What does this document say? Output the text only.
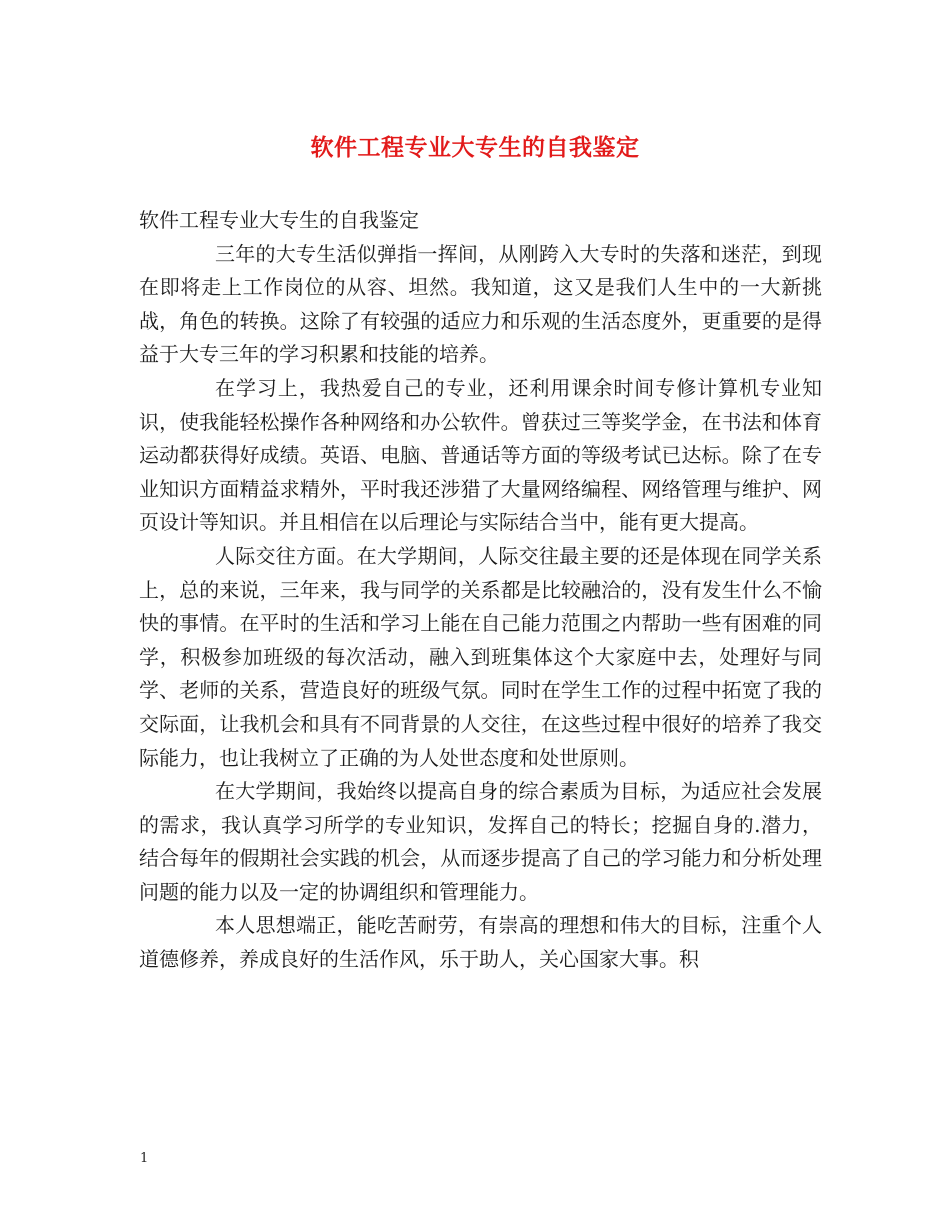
软件工程专业大专生的自我鉴定

软件工程专业大专生的自我鉴定

三年的大专生活似弹指一挥间，从刚跨入大专时的失落和迷茫，到现在即将走上工作岗位的从容、坦然。我知道，这又是我们人生中的一大新挑战，角色的转换。这除了有较强的适应力和乐观的生活态度外，更重要的是得益于大专三年的学习积累和技能的培养。

在学习上，我热爱自己的专业，还利用课余时间专修计算机专业知识，使我能轻松操作各种网络和办公软件。曾获过三等奖学金，在书法和体育运动都获得好成绩。英语、电脑、普通话等方面的等级考试已达标。除了在专业知识方面精益求精外，平时我还涉猎了大量网络编程、网络管理与维护、网页设计等知识。并且相信在以后理论与实际结合当中，能有更大提高。

人际交往方面。在大学期间，人际交往最主要的还是体现在同学关系上，总的来说，三年来，我与同学的关系都是比较融洽的，没有发生什么不愉快的事情。在平时的生活和学习上能在自己能力范围之内帮助一些有困难的同学，积极参加班级的每次活动，融入到班集体这个大家庭中去，处理好与同学、老师的关系，营造良好的班级气氛。同时在学生工作的过程中拓宽了我的交际面，让我机会和具有不同背景的人交往，在这些过程中很好的培养了我交际能力，也让我树立了正确的为人处世态度和处世原则。

在大学期间，我始终以提高自身的综合素质为目标，为适应社会发展的需求，我认真学习所学的专业知识，发挥自己的特长；挖掘自身的.潜力，结合每年的假期社会实践的机会，从而逐步提高了自己的学习能力和分析处理问题的能力以及一定的协调组织和管理能力。

本人思想端正，能吃苦耐劳，有崇高的理想和伟大的目标，注重个人道德修养，养成良好的生活作风，乐于助人，关心国家大事。积

1
